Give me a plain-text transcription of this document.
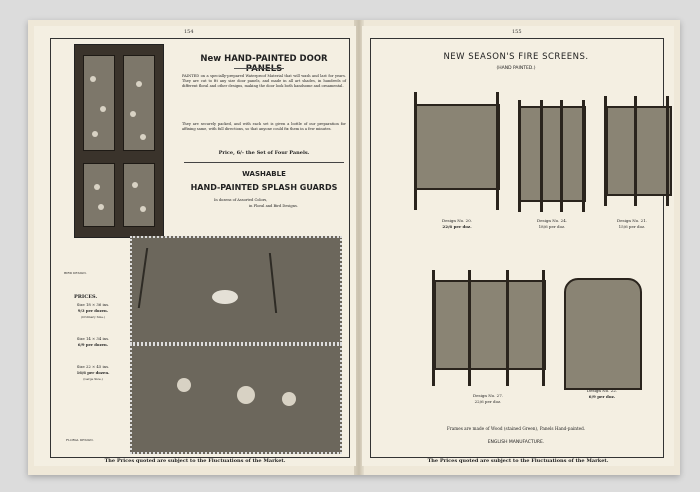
154
New HAND-PAINTED DOOR PANELS
PAINTED on a specially-prepared Waterproof Material that will wash and last for years. They are cut to fit any size door panels, and made in all art shades, in hundreds of different floral and other designs, making the door look both handsome and ornamental.
They are securely packed, and with each set is given a bottle of our preparation for affixing same, with full directions, so that anyone could fix them in a few minutes.
Price, 6/- the Set of Four Panels.
WASHABLE
HAND-PAINTED SPLASH GUARDS
In dozens of Assorted Colors,
in Floral and Bird Designs.
BIRD DESIGN.
PRICES.
Size 18 × 36 ins.
9/3 per dozen.
(Ordinary Size.)
Size 14 × 34 ins.
6/9 per dozen.
Size 22 × 45 ins.
16/6 per dozen.
(Large Size.)
FLORAL DESIGN.
The Prices quoted are subject to the Fluctuations of the Market.
155
NEW SEASON'S FIRE SCREENS.
(HAND PAINTED.)
Design No. 20.
22/6 per doz.
Design No. 24.
18/6 per doz.
Design No. 21.
15/6 per doz.
Design No. 27.
22/6 per doz.
Design No. 22.
6/9 per doz.
Frames are made of Wood (stained Green), Panels Hand-painted.
ENGLISH MANUFACTURE.
The Prices quoted are subject to the Fluctuations of the Market.
